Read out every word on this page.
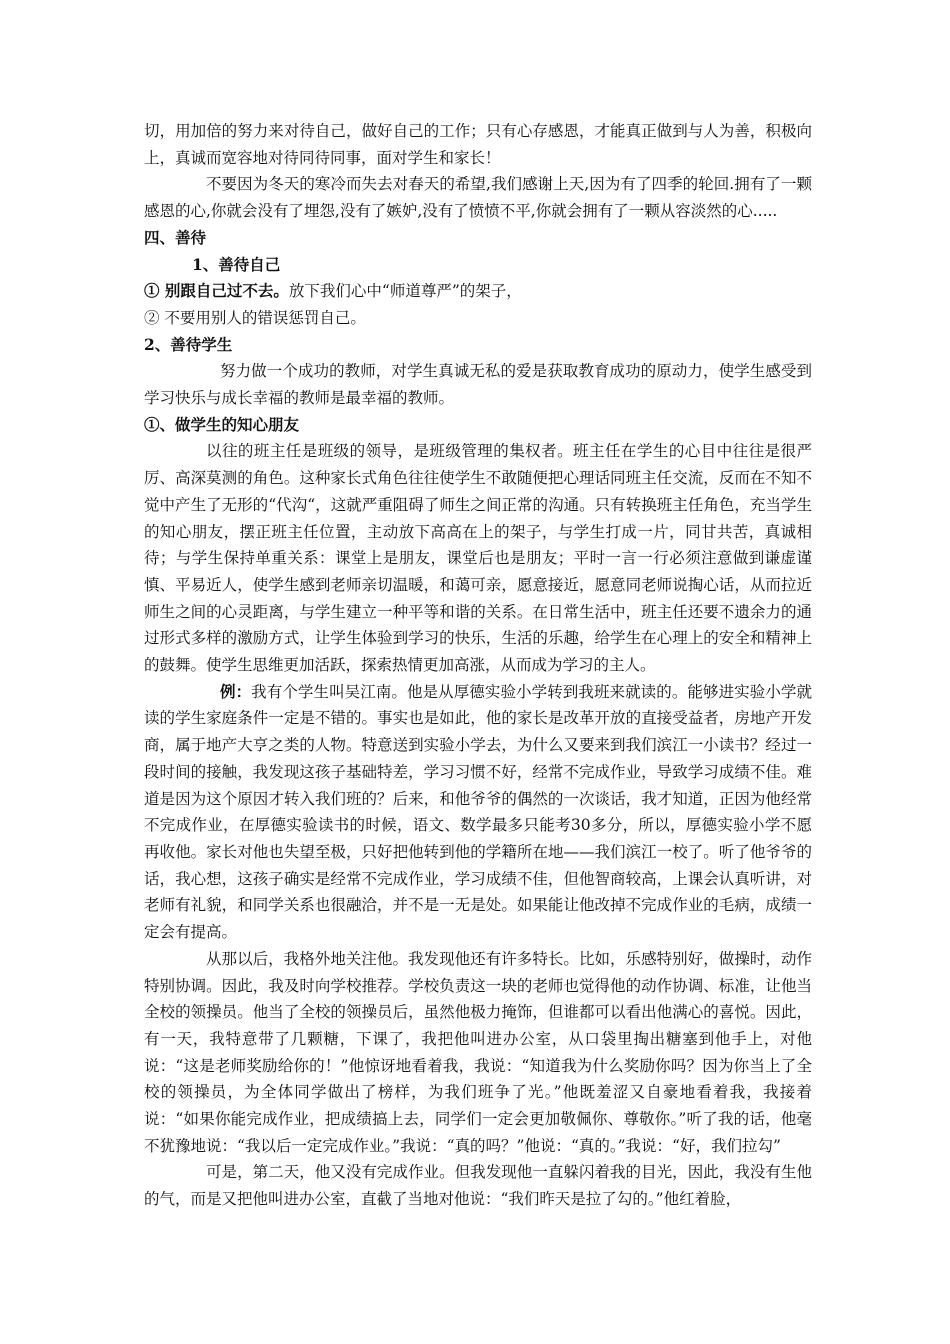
切，用加倍的努力来对待自己，做好自己的工作；只有心存感恩，才能真正做到与人为善，积极向上，真诚而宽容地对待同待同事，面对学生和家长！

不要因为冬天的寒冷而失去对春天的希望,我们感谢上天,因为有了四季的轮回.拥有了一颗感恩的心,你就会没有了埋怨,没有了嫉妒,没有了愤愤不平,你就会拥有了一颗从容淡然的心.....

四、善待

1、善待自己

① 别跟自己过不去。放下我们心中“师道尊严”的架子，

② 不要用别人的错误惩罚自己。

2、善待学生

努力做一个成功的教师，对学生真诚无私的爱是获取教育成功的原动力，使学生感受到学习快乐与成长幸福的教师是最幸福的教师。

①、做学生的知心朋友

以往的班主任是班级的领导，是班级管理的集权者。班主任在学生的心目中往往是很严厉、高深莫测的角色。这种家长式角色往往使学生不敢随便把心理话同班主任交流，反而在不知不觉中产生了无形的“代沟“，这就严重阻碍了师生之间正常的沟通。只有转换班主任角色，充当学生的知心朋友，摆正班主任位置，主动放下高高在上的架子，与学生打成一片，同甘共苦，真诚相待；与学生保持单重关系：课堂上是朋友，课堂后也是朋友；平时一言一行必须注意做到谦虚谨慎、平易近人，使学生感到老师亲切温暖，和蔼可亲，愿意接近，愿意同老师说掏心话，从而拉近师生之间的心灵距离，与学生建立一种平等和谐的关系。在日常生活中，班主任还要不遗余力的通过形式多样的激励方式，让学生体验到学习的快乐，生活的乐趣，给学生在心理上的安全和精神上的鼓舞。使学生思维更加活跃，探索热情更加高涨，从而成为学习的主人。

例：我有个学生叫吴江南。他是从厚德实验小学转到我班来就读的。能够进实验小学就读的学生家庭条件一定是不错的。事实也是如此，他的家长是改革开放的直接受益者，房地产开发商，属于地产大亨之类的人物。特意送到实验小学去，为什么又要来到我们滨江一小读书？经过一段时间的接触，我发现这孩子基础特差，学习习惯不好，经常不完成作业，导致学习成绩不佳。难道是因为这个原因才转入我们班的？后来，和他爷爷的偶然的一次谈话，我才知道，正因为他经常不完成作业，在厚德实验读书的时候，语文、数学最多只能考30多分，所以，厚德实验小学不愿再收他。家长对他也失望至极，只好把他转到他的学籍所在地——我们滨江一校了。听了他爷爷的话，我心想，这孩子确实是经常不完成作业，学习成绩不佳，但他智商较高，上课会认真听讲，对老师有礼貌，和同学关系也很融洽，并不是一无是处。如果能让他改掉不完成作业的毛病，成绩一定会有提高。

从那以后，我格外地关注他。我发现他还有许多特长。比如，乐感特别好，做操时，动作特别协调。因此，我及时向学校推荐。学校负责这一块的老师也觉得他的动作协调、标准，让他当全校的领操员。他当了全校的领操员后，虽然他极力掩饰，但谁都可以看出他满心的喜悦。因此，有一天，我特意带了几颗糖，下课了，我把他叫进办公室，从口袋里掏出糖塞到他手上，对他说：“这是老师奖励给你的！”他惊讶地看着我，我说：“知道我为什么奖励你吗？因为你当上了全校的领操员，为全体同学做出了榜样，为我们班争了光。”他既羞涩又自豪地看着我，我接着说：“如果你能完成作业，把成绩搞上去，同学们一定会更加敬佩你、尊敬你。”听了我的话，他毫不犹豫地说：“我以后一定完成作业。”我说：“真的吗？”他说：“真的。”我说：“好，我们拉勾”

可是，第二天，他又没有完成作业。但我发现他一直躲闪着我的目光，因此，我没有生他的气，而是又把他叫进办公室，直截了当地对他说：“我们昨天是拉了勾的。”他红着脸，
